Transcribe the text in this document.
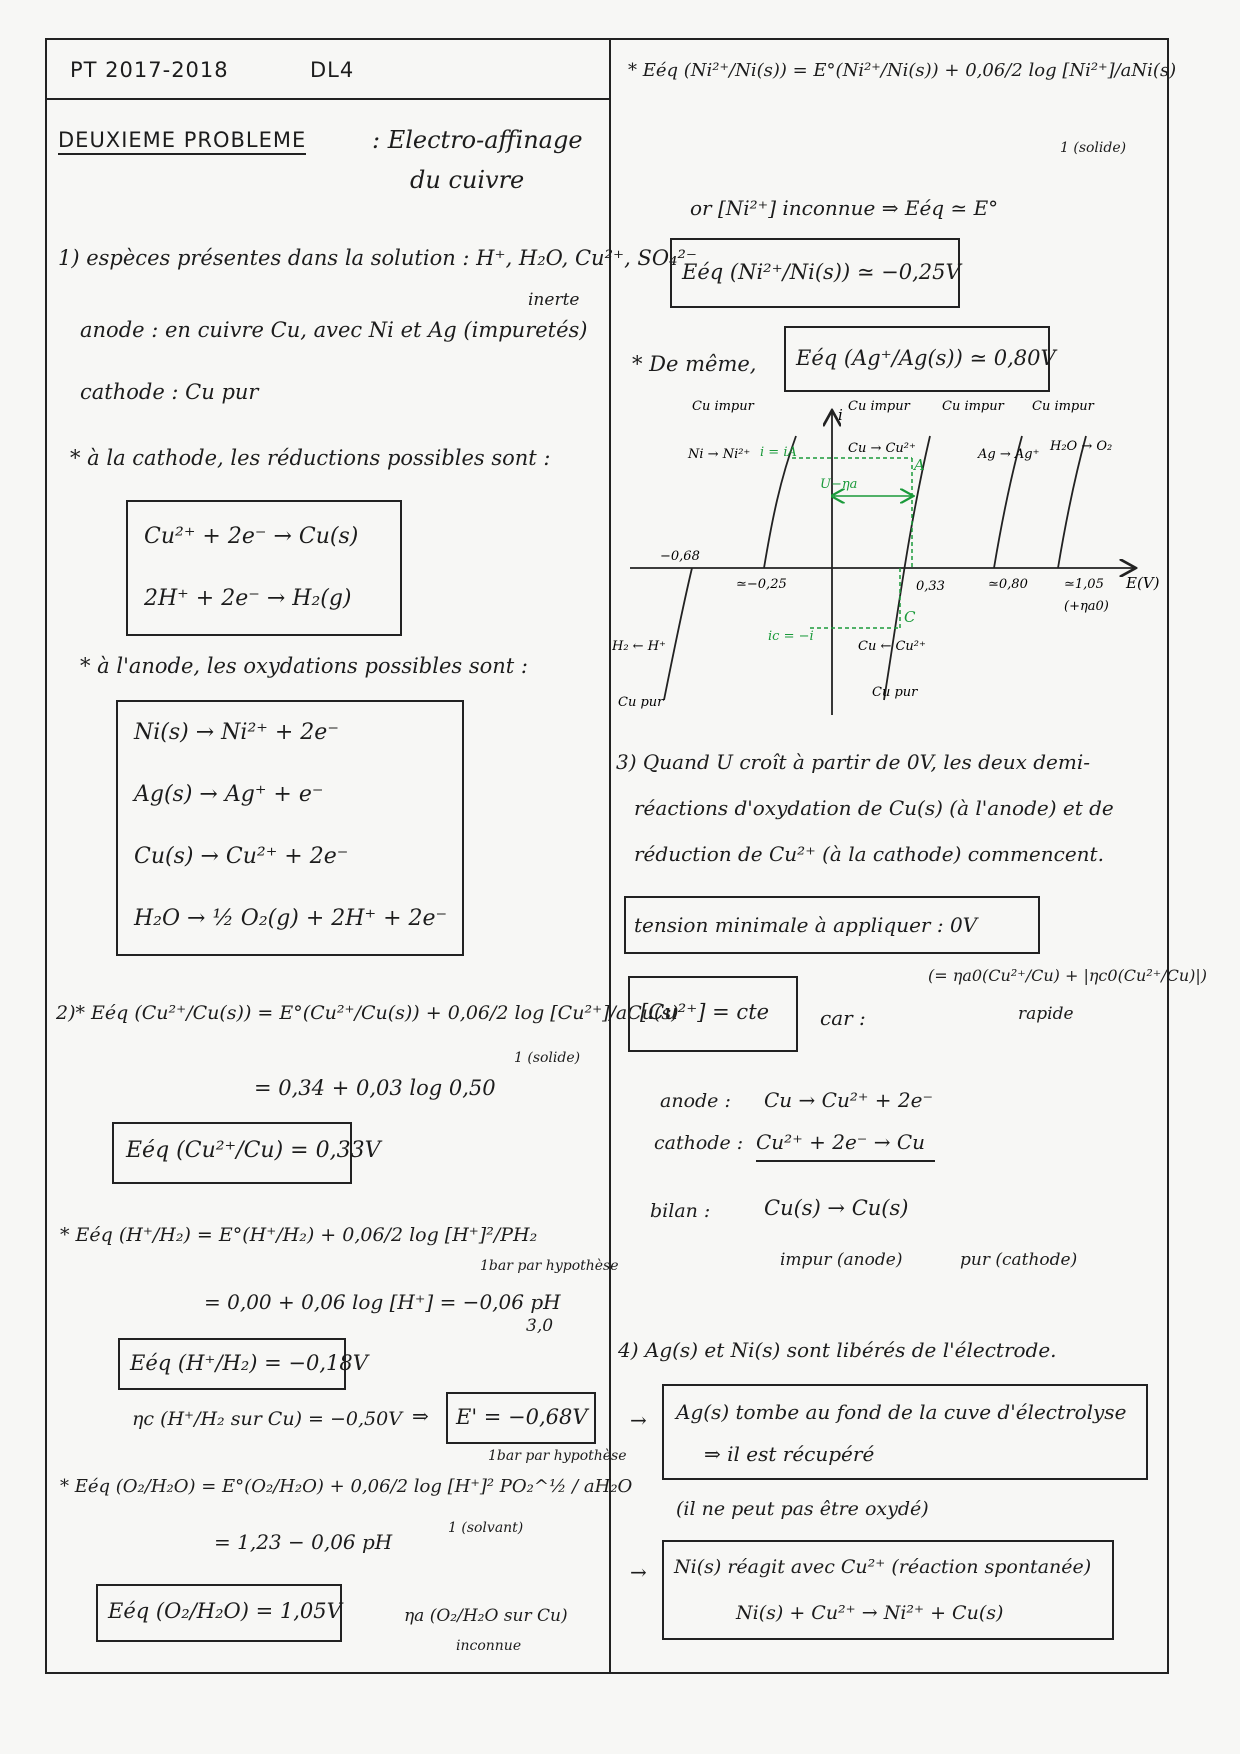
PT 2017-2018	DL4
DEUXIEME PROBLEME	: Electro-affinage
du cuivre
1) espèces présentes dans la solution : H⁺, H₂O, Cu²⁺, SO₄²⁻
inerte
anode : en cuivre Cu, avec Ni et Ag (impuretés)
cathode : Cu pur
* à la cathode, les réductions possibles sont :
Cu²⁺ + 2e⁻ → Cu(s)
2H⁺ + 2e⁻ → H₂(g)
* à l'anode, les oxydations possibles sont :
Ni(s) → Ni²⁺ + 2e⁻
Ag(s) → Ag⁺ + e⁻
Cu(s) → Cu²⁺ + 2e⁻
H₂O → ½ O₂(g) + 2H⁺ + 2e⁻
2)* Eéq (Cu²⁺/Cu(s)) = E°(Cu²⁺/Cu(s)) + 0,06/2 log [Cu²⁺]/aCu(s)
1 (solide)
= 0,34 + 0,03 log 0,50
Eéq (Cu²⁺/Cu) = 0,33V
* Eéq (H⁺/H₂) = E°(H⁺/H₂) + 0,06/2 log [H⁺]²/PH₂
1bar par hypothèse
= 0,00 + 0,06 log [H⁺] = −0,06 pH
3,0
Eéq (H⁺/H₂) = −0,18V
ηc (H⁺/H₂ sur Cu) = −0,50V ⇒ E' = −0,68V
* Eéq (O₂/H₂O) = E°(O₂/H₂O) + 0,06/2 log [H⁺]² PO₂^½ / aH₂O
1bar par hypothèse
1 (solvant)
= 1,23 − 0,06 pH
Eéq (O₂/H₂O) = 1,05V	ηa (O₂/H₂O sur Cu)
inconnue
* Eéq (Ni²⁺/Ni(s)) = E°(Ni²⁺/Ni(s)) + 0,06/2 log [Ni²⁺]/aNi(s)
1 (solide)
or [Ni²⁺] inconnue ⇒ Eéq ≃ E°
Eéq (Ni²⁺/Ni(s)) ≃ −0,25V
* De même, Eéq (Ag⁺/Ag(s)) ≃ 0,80V
i
E(V)
Cu impur	Cu impur Cu impur Cu impur
Ni → Ni²⁺ i = iA	Cu → Cu²⁺
A
U−ηa
Ag → Ag⁺
H₂O → O₂
−0,68
≃−0,25	0,33	≃0,80	≃1,05
(+ηa0)
C
ic = −i
H₂ ← H⁺	Cu ← Cu²⁺
Cu pur
Cu pur
3) Quand U croît à partir de 0V, les deux demi-
réactions d'oxydation de Cu(s) (à l'anode) et de
réduction de Cu²⁺ (à la cathode) commencent.
tension minimale à appliquer : 0V
(= ηa0(Cu²⁺/Cu) + |ηc0(Cu²⁺/Cu)|)
rapide
[Cu²⁺] = cte	car :
anode : Cu → Cu²⁺ + 2e⁻
cathode : Cu²⁺ + 2e⁻ → Cu
bilan :	Cu(s) → Cu(s)
impur (anode)	pur (cathode)
4) Ag(s) et Ni(s) sont libérés de l'électrode.
→ Ag(s) tombe au fond de la cuve d'électrolyse
⇒ il est récupéré
(il ne peut pas être oxydé)
→ Ni(s) réagit avec Cu²⁺ (réaction spontanée)
Ni(s) + Cu²⁺ → Ni²⁺ + Cu(s)
